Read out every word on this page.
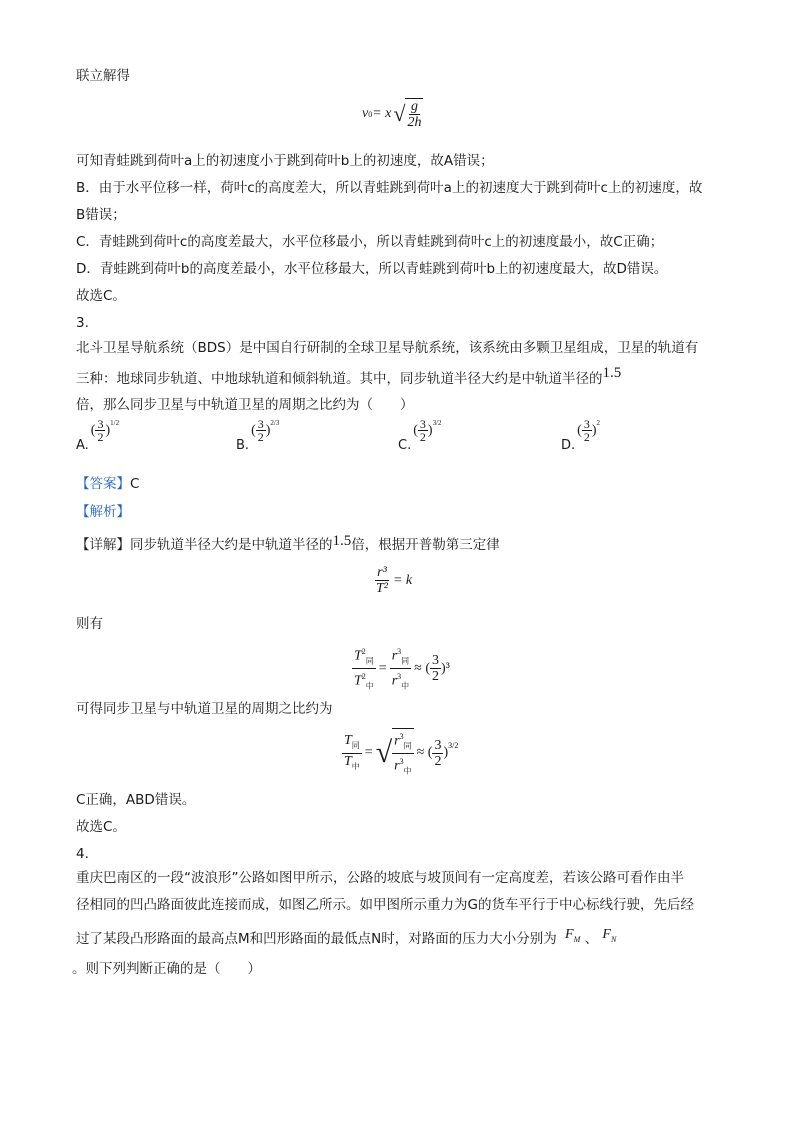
联立解得
v 0 = x √ $\frac{g}{2h}$
可知青蛙跳到荷叶a上的初速度小于跳到荷叶b上的初速度，故A错误；
B．由于水平位移一样，荷叶c的高度差大，所以青蛙跳到荷叶a上的初速度大于跳到荷叶c上的初速度，故
B错误；
C．青蛙跳到荷叶c的高度差最大，水平位移最小，所以青蛙跳到荷叶c上的初速度最小，故C正确；
D．青蛙跳到荷叶b的高度差最小，水平位移最大，所以青蛙跳到荷叶b上的初速度最大，故D错误。
故选C。
3.
北斗卫星导航系统（BDS）是中国自行研制的全球卫星导航系统，该系统由多颗卫星组成，卫星的轨道有
三种：地球同步轨道、中地球轨道和倾斜轨道。其中，同步轨道半径大约是中轨道半径的1.5
倍，那么同步卫星与中轨道卫星的周期之比约为（　　）
A.
( $\frac{3}{2}$ ) 1/2
B.
( $\frac{3}{2}$ ) 2/3
C.
( $\frac{3}{2}$ ) 3/2
D.
( $\frac{3}{2}$ ) 2
【答案】C
【解析】
【详解】同步轨道半径大约是中轨道半径的1.5倍，根据开普勒第三定律
$\frac{\text{r³}}{\text{T²}} = k$
则有
$\frac{T^2_同}{T^2_中} = \frac{r^3_同}{r^3_中}$ ≈ ( $\frac{3}{2} )^3$
可得同步卫星与中轨道卫星的周期之比约为
$\frac{T_同}{T_中}$ = √ $\frac{r^3_同}{r^3_中}$ ≈ ( $\frac{3}{2}$ ) 3/2
C正确，ABD错误。
故选C。
4.
重庆巴南区的一段“波浪形”公路如图甲所示，公路的坡底与坡顶间有一定高度差，若该公路可看作由半
径相同的凹凸路面彼此连接而成，如图乙所示。如甲图所示重力为G的货车平行于中心标线行驶，先后经
过了某段凸形路面的最高点M和凹形路面的最低点N时，对路面的压力大小分别为 $F_M$ 、 $F_N$
。则下列判断正确的是（　　）
